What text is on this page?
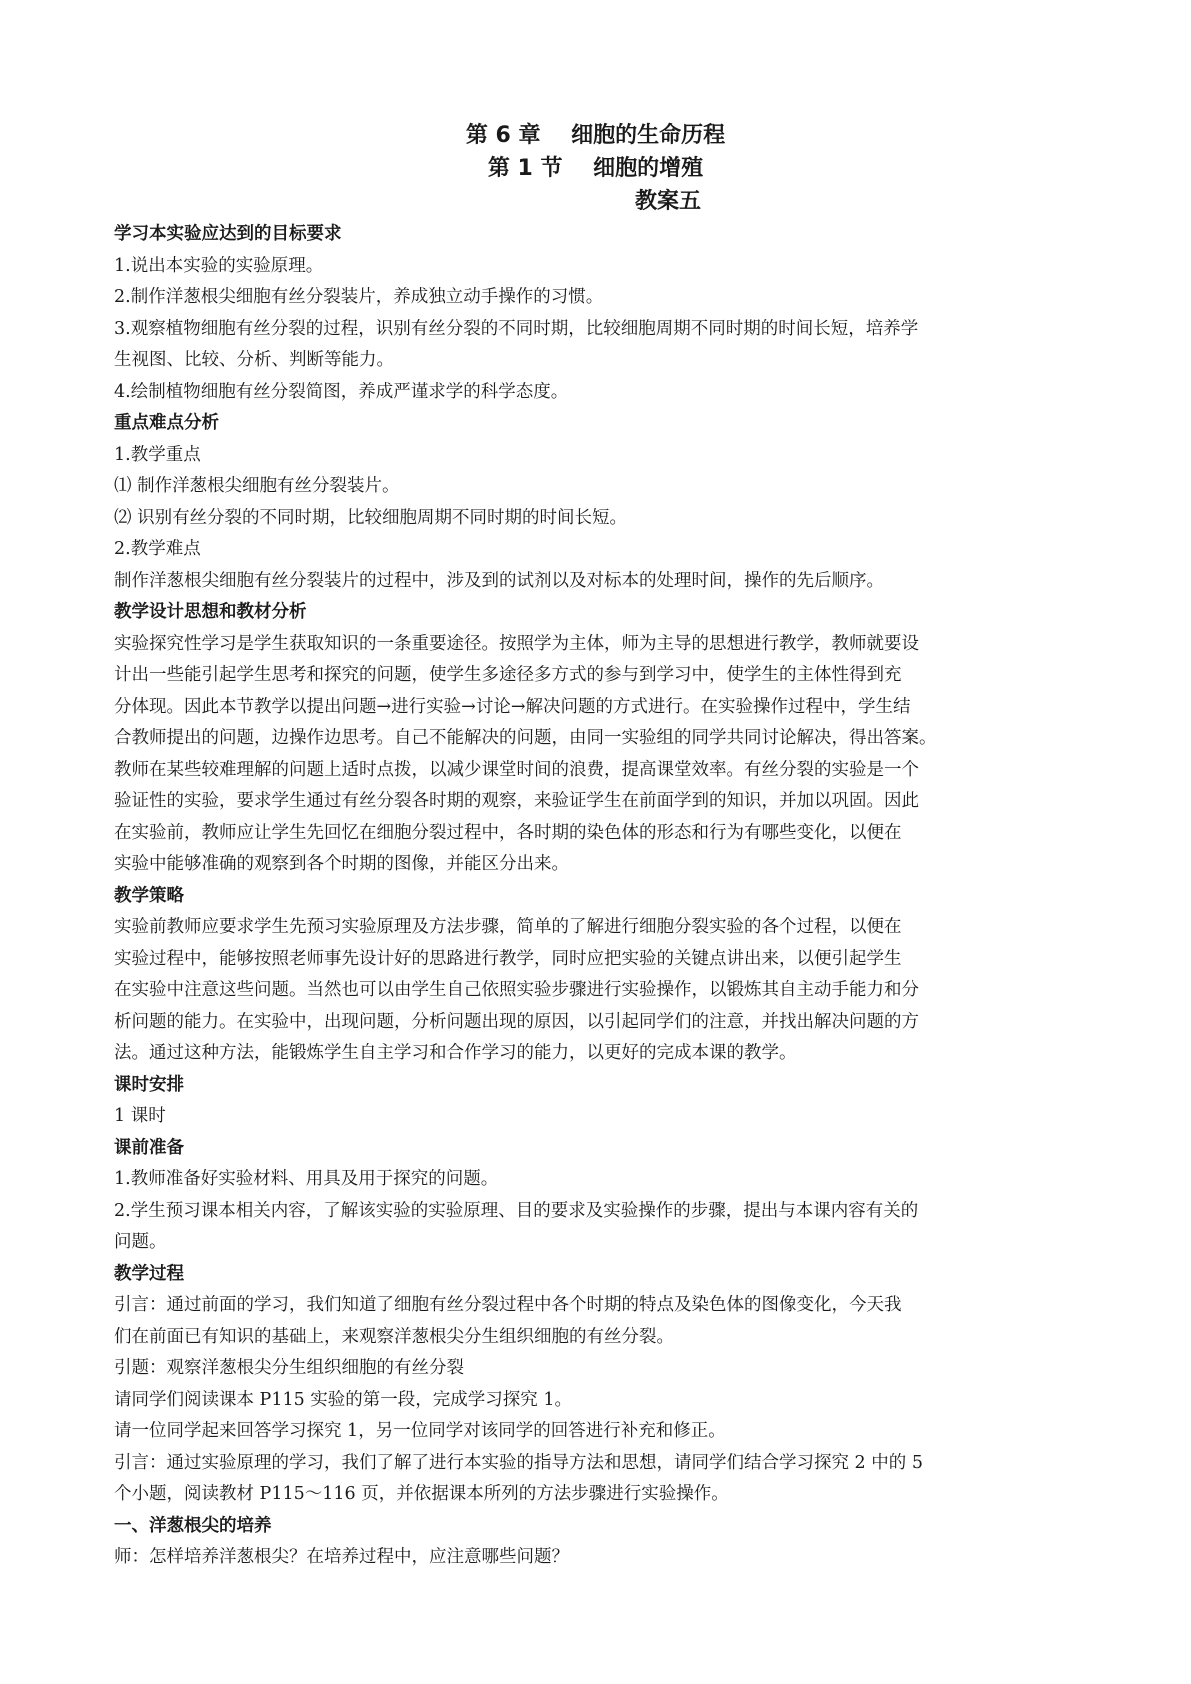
第 6 章    细胞的生命历程
第 1 节    细胞的增殖
教案五
学习本实验应达到的目标要求
1.说出本实验的实验原理。
2.制作洋葱根尖细胞有丝分裂装片，养成独立动手操作的习惯。
3.观察植物细胞有丝分裂的过程，识别有丝分裂的不同时期，比较细胞周期不同时期的时间长短，培养学
生视图、比较、分析、判断等能力。
4.绘制植物细胞有丝分裂简图，养成严谨求学的科学态度。
重点难点分析
1.教学重点
⑴ 制作洋葱根尖细胞有丝分裂装片。
⑵ 识别有丝分裂的不同时期，比较细胞周期不同时期的时间长短。
2.教学难点
制作洋葱根尖细胞有丝分裂装片的过程中，涉及到的试剂以及对标本的处理时间，操作的先后顺序。
教学设计思想和教材分析
实验探究性学习是学生获取知识的一条重要途径。按照学为主体，师为主导的思想进行教学，教师就要设
计出一些能引起学生思考和探究的问题，使学生多途径多方式的参与到学习中，使学生的主体性得到充
分体现。因此本节教学以提出问题→进行实验→讨论→解决问题的方式进行。在实验操作过程中，学生结
合教师提出的问题，边操作边思考。自己不能解决的问题，由同一实验组的同学共同讨论解决，得出答案。
教师在某些较难理解的问题上适时点拨，以减少课堂时间的浪费，提高课堂效率。有丝分裂的实验是一个
验证性的实验，要求学生通过有丝分裂各时期的观察，来验证学生在前面学到的知识，并加以巩固。因此
在实验前，教师应让学生先回忆在细胞分裂过程中，各时期的染色体的形态和行为有哪些变化，以便在
实验中能够准确的观察到各个时期的图像，并能区分出来。
教学策略
实验前教师应要求学生先预习实验原理及方法步骤，简单的了解进行细胞分裂实验的各个过程，以便在
实验过程中，能够按照老师事先设计好的思路进行教学，同时应把实验的关键点讲出来，以便引起学生
在实验中注意这些问题。当然也可以由学生自己依照实验步骤进行实验操作，以锻炼其自主动手能力和分
析问题的能力。在实验中，出现问题，分析问题出现的原因，以引起同学们的注意，并找出解决问题的方
法。通过这种方法，能锻炼学生自主学习和合作学习的能力，以更好的完成本课的教学。
课时安排
1 课时
课前准备
1.教师准备好实验材料、用具及用于探究的问题。
2.学生预习课本相关内容，了解该实验的实验原理、目的要求及实验操作的步骤，提出与本课内容有关的
问题。
教学过程
引言：通过前面的学习，我们知道了细胞有丝分裂过程中各个时期的特点及染色体的图像变化，今天我
们在前面已有知识的基础上，来观察洋葱根尖分生组织细胞的有丝分裂。
引题：观察洋葱根尖分生组织细胞的有丝分裂
请同学们阅读课本 P115 实验的第一段，完成学习探究 1。
请一位同学起来回答学习探究 1，另一位同学对该同学的回答进行补充和修正。
引言：通过实验原理的学习，我们了解了进行本实验的指导方法和思想，请同学们结合学习探究 2 中的 5
个小题，阅读教材 P115～116 页，并依据课本所列的方法步骤进行实验操作。
一、洋葱根尖的培养
师：怎样培养洋葱根尖？在培养过程中，应注意哪些问题？
